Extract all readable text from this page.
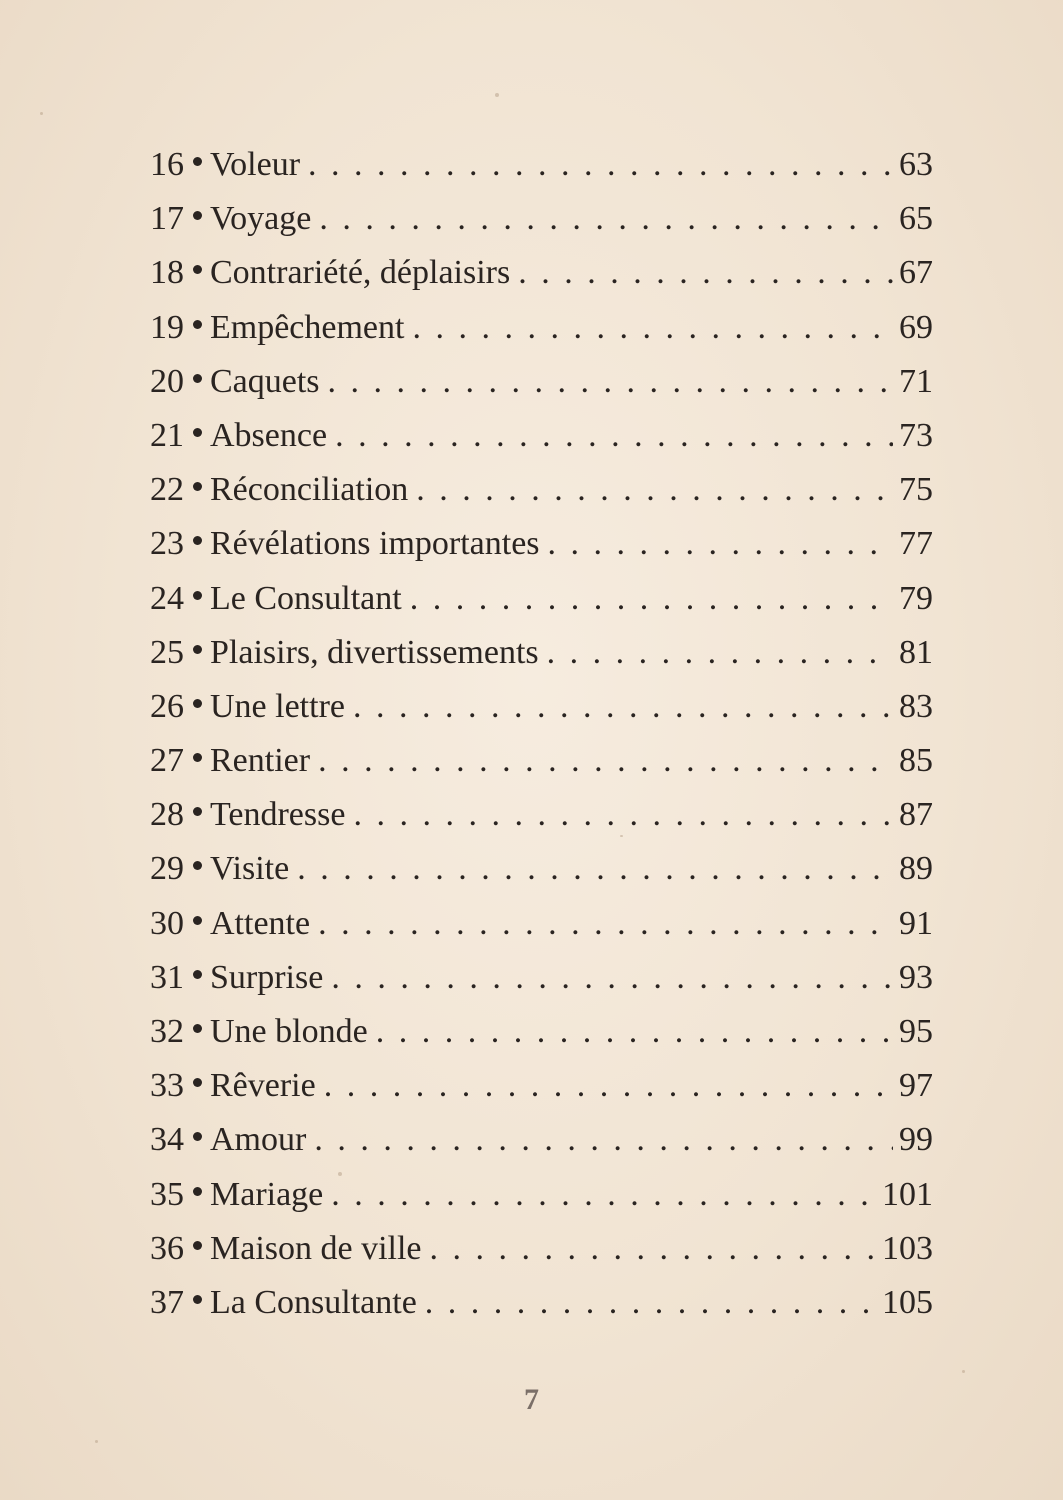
16 Voleur . . .	63
17 Voyage . . .	65
18 Contrariété, déplaisirs . . .	67
19 Empêchement . . .	69
20 Caquets . . .	71
21 Absence . . .	73
22 Réconciliation . . .	75
23 Révélations importantes . . .	77
24 Le Consultant . . .	79
25 Plaisirs, divertissements . . .	81
26 Une lettre . . .	83
27 Rentier . . .	85
28 Tendresse . . .	87
29 Visite . . .	89
30 Attente . . .	91
31 Surprise . . .	93
32 Une blonde . . .	95
33 Rêverie . . .	97
34 Amour . . .	99
35 Mariage . . .	101
36 Maison de ville . . .	103
37 La Consultante . . .	105
7
